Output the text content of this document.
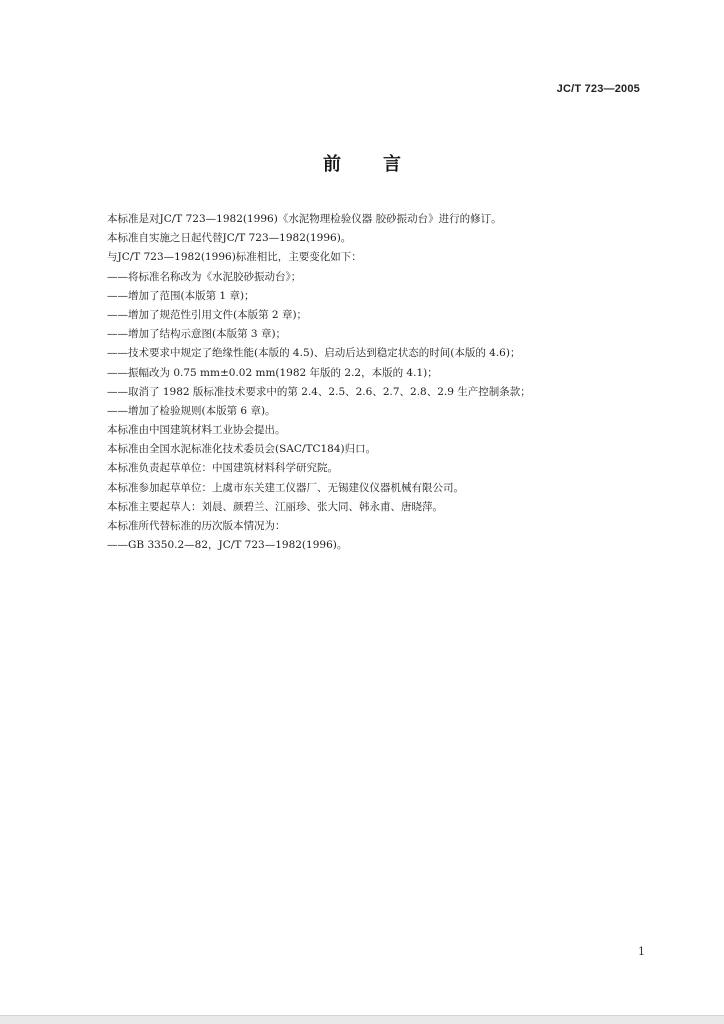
JC/T 723—2005
前 言
本标准是对JC/T 723—1982(1996)《水泥物理检验仪器 胶砂振动台》进行的修订。
本标准自实施之日起代替JC/T 723—1982(1996)。
与JC/T 723—1982(1996)标准相比，主要变化如下：
——将标准名称改为《水泥胶砂振动台》；
——增加了范围(本版第 1 章)；
——增加了规范性引用文件(本版第 2 章)；
——增加了结构示意图(本版第 3 章)；
——技术要求中规定了绝缘性能(本版的 4.5)、启动后达到稳定状态的时间(本版的 4.6)；
——振幅改为 0.75 mm±0.02 mm(1982 年版的 2.2，本版的 4.1)；
——取消了 1982 版标准技术要求中的第 2.4、2.5、2.6、2.7、2.8、2.9 生产控制条款；
——增加了检验规则(本版第 6 章)。
本标准由中国建筑材料工业协会提出。
本标准由全国水泥标准化技术委员会(SAC/TC184)归口。
本标准负责起草单位：中国建筑材料科学研究院。
本标准参加起草单位：上虞市东关建工仪器厂、无锡建仪仪器机械有限公司。
本标准主要起草人：刘晨、颜碧兰、江丽珍、张大同、韩永甫、唐晓萍。
本标准所代替标准的历次版本情况为：
——GB 3350.2—82，JC/T 723—1982(1996)。
1
